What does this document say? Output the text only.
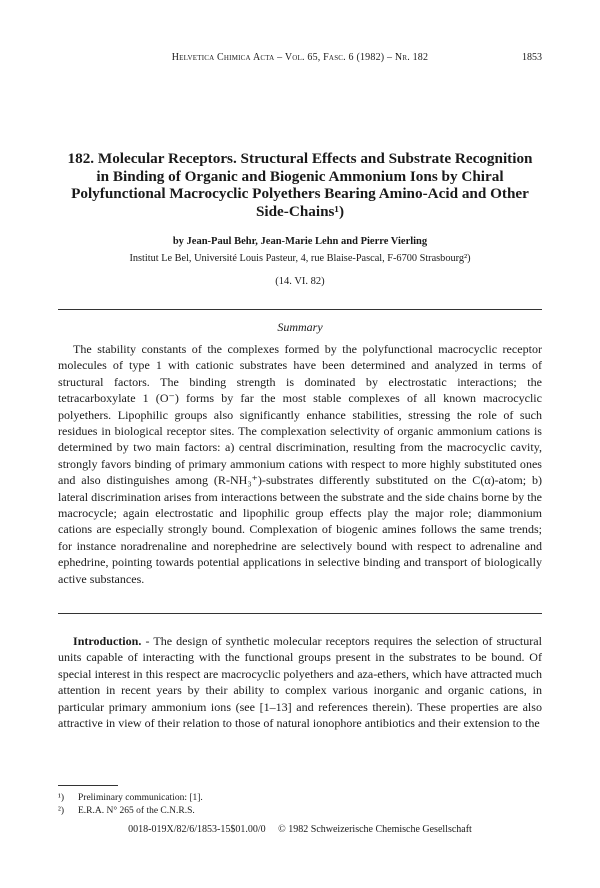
Helvetica Chimica Acta – Vol. 65, Fasc. 6 (1982) – Nr. 182	1853
182. Molecular Receptors. Structural Effects and Substrate Recognition in Binding of Organic and Biogenic Ammonium Ions by Chiral Polyfunctional Macrocyclic Polyethers Bearing Amino-Acid and Other Side-Chains¹)
by Jean-Paul Behr, Jean-Marie Lehn and Pierre Vierling
Institut Le Bel, Université Louis Pasteur, 4, rue Blaise-Pascal, F-6700 Strasbourg²)
(14. VI. 82)
Summary

The stability constants of the complexes formed by the polyfunctional macrocyclic receptor molecules of type 1 with cationic substrates have been determined and analyzed in terms of structural factors. The binding strength is dominated by electrostatic interactions; the tetracarboxylate 1 (O⁻) forms by far the most stable complexes of all known macrocyclic polyethers. Lipophilic groups also significantly enhance stabilities, stressing the role of such residues in biological receptor sites. The complexation selectivity of organic ammonium cations is determined by two main factors: a) central discrimination, resulting from the macrocyclic cavity, strongly favors binding of primary ammonium cations with respect to more highly substituted ones and also distinguishes among (R-NH₃⁺)-substrates differently substituted on the C(α)-atom; b) lateral discrimination arises from interactions between the substrate and the side chains borne by the macrocycle; again electrostatic and lipophilic group effects play the major role; diammonium cations are especially strongly bound. Complexation of biogenic amines follows the same trends; for instance noradrenaline and norephedrine are selectively bound with respect to adrenaline and ephedrine, pointing towards potential applications in selective binding and transport of biologically active substances.

Introduction. - The design of synthetic molecular receptors requires the selection of structural units capable of interacting with the functional groups present in the substrates to be bound. Of special interest in this respect are macrocyclic polyethers and aza-ethers, which have attracted much attention in recent years by their ability to complex various inorganic and organic cations, in particular primary ammonium ions (see [1–13] and references therein). These properties are also attractive in view of their relation to those of natural ionophore antibiotics and their extension to the

¹)	Preliminary communication: [1].
²)	E.R.A. N° 265 of the C.N.R.S.
0018-019X/82/6/1853-15$01.00/0     © 1982 Schweizerische Chemische Gesellschaft
